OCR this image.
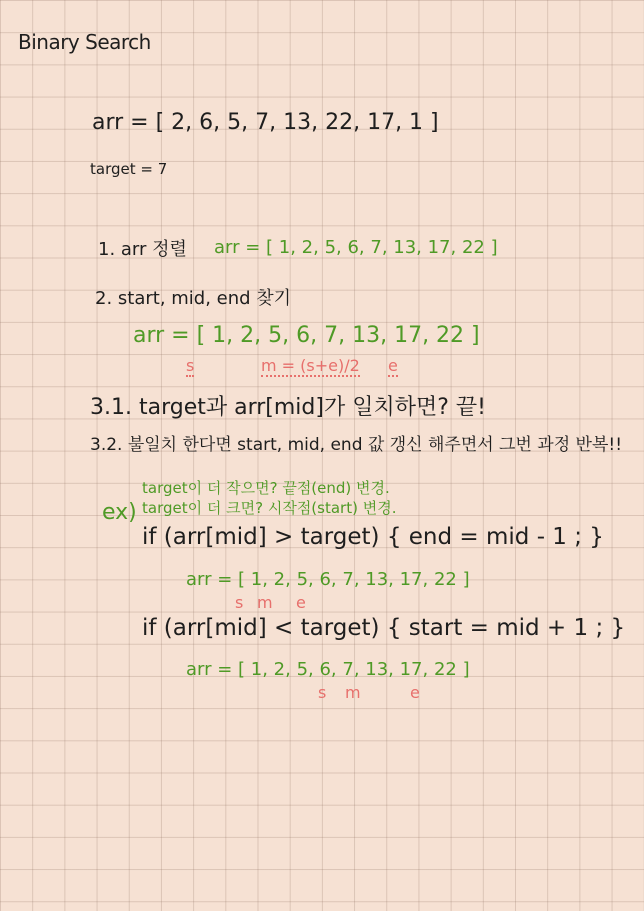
Binary Search
arr = [ 2, 6, 5, 7, 13, 22, 17, 1 ]
target = 7
1. arr 정렬 arr = [ 1, 2, 5, 6, 7, 13, 17, 22 ]
2. start, mid, end 찾기
arr = [ 1, 2, 5, 6, 7, 13, 17, 22 ]
s	m = (s+e)/2 e
3.1. target과 arr[mid]가 일치하면? 끝!
3.2. 불일치 한다면 start, mid, end 값 갱신 해주면서 그번 과정 반복!!
ex)
target이 더 작으면? 끝점(end) 변경.
target이 더 크면? 시작점(start) 변경.
if (arr[mid] > target) { end = mid - 1 ; }
arr = [ 1, 2, 5, 6, 7, 13, 17, 22 ]
s m e
if (arr[mid] < target) { start = mid + 1 ; }
arr = [ 1, 2, 5, 6, 7, 13, 17, 22 ]
s m	e
